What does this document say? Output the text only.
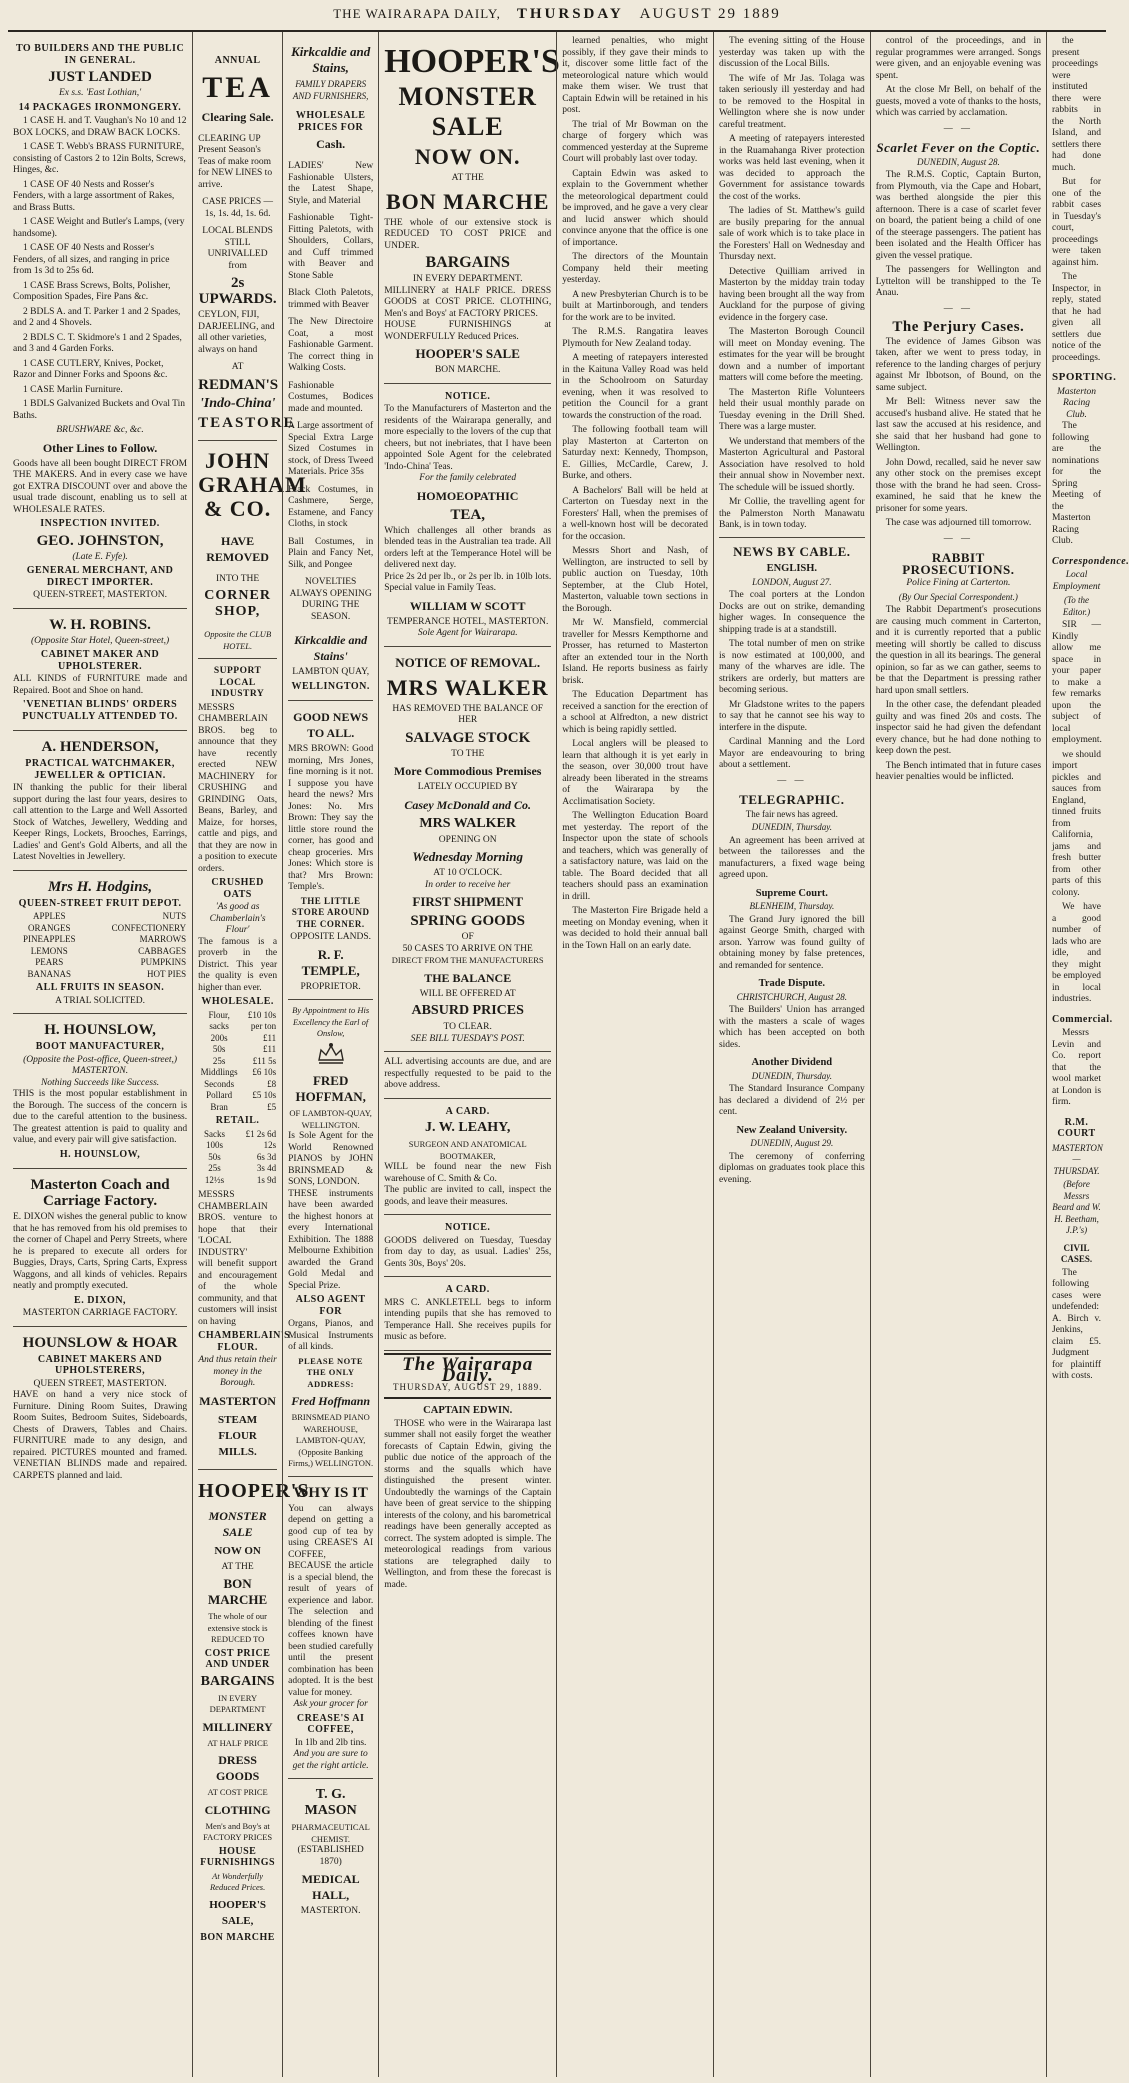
THE WAIRARAPA DAILY, THURSDAY AUGUST 29 1889
TO BUILDERS AND THE PUBLIC IN GENERAL.
JUST LANDED
Ex s.s. 'East Lothian,'
14 PACKAGES IRONMONGERY.
1 CASE H. and T. Vaughan's No 10 and 12 BOX LOCKS, and DRAW BACK LOCKS.
1 CASE T. Webb's BRASS FURNITURE, consisting of Castors 2 to 12in Bolts, Screws, Hinges, &c.
1 CASE OF 40 Nests and Rosser's Fenders, with a large assortment of Rakes, and Brass Butts.
1 CASE Weight and Butler's Lamps, (very handsome).
1 CASE OF 40 Nests and Rosser's Fenders, of all sizes, and ranging in price from 1s 3d to 25s 6d.
1 CASE Brass Screws, Bolts, Polisher, Composition Spades, Fire Pans &c.
2 BDLS A. and T. Parker 1 and 2 Spades, and 2 and 4 Shovels.
2 BDLS C. T. Skidmore's 1 and 2 Spades, and 3 and 4 Garden Forks.
1 CASE CUTLERY, Knives, Pocket, Razor and Dinner Forks and Spoons &c.
1 CASE Marlin Furniture.
1 BDLS Galvanized Buckets and Oval Tin Baths.
BRUSHWARE &c, &c.
Other Lines to Follow.
Goods have all been bought DIRECT FROM THE MAKERS. And in every case we have got EXTRA DISCOUNT over and above the usual trade discount, enabling us to sell at WHOLESALE RATES.
INSPECTION INVITED.
GEO. JOHNSTON,
(Late E. Fyfe).
GENERAL MERCHANT, AND DIRECT IMPORTER.
QUEEN-STREET, MASTERTON.
W. H. ROBINS.
(Opposite Star Hotel, Queen-street,)
CABINET MAKER AND UPHOLSTERER.
ALL KINDS of FURNITURE made and Repaired. Boot and Shoe on hand.
'VENETIAN BLINDS' ORDERS PUNCTUALLY ATTENDED TO.
A. HENDERSON,
PRACTICAL WATCHMAKER, JEWELLER & OPTICIAN.
IN thanking the public for their liberal support during the last four years, desires to call attention to the Large and Well Assorted Stock of Watches, Jewellery, Wedding and Keeper Rings, Lockets, Brooches, Earrings, Ladies' and Gent's Gold Alberts, and all the Latest Novelties in Jewellery.
Mrs H. Hodgins,
QUEEN-STREET FRUIT DEPOT.
APPLES	NUTS
ORANGES	CONFECTIONERY
PINEAPPLES	MARROWS
LEMONS	CABBAGES
PEARS	PUMPKINS
BANANAS	HOT PIES
ALL FRUITS IN SEASON.
A TRIAL SOLICITED.
H. HOUNSLOW,
BOOT MANUFACTURER,
(Opposite the Post-office, Queen-street,) MASTERTON.
Nothing Succeeds like Success.
THIS is the most popular establishment in the Borough. The success of the concern is due to the careful attention to the business. The greatest attention is paid to quality and value, and every pair will give satisfaction.
H. HOUNSLOW,
Masterton Coach and Carriage Factory.
E. DIXON wishes the general public to know that he has removed from his old premises to the corner of Chapel and Perry Streets, where he is prepared to execute all orders for Buggies, Drays, Carts, Spring Carts, Express Waggons, and all kinds of vehicles. Repairs neatly and promptly executed.
E. DIXON,
MASTERTON CARRIAGE FACTORY.
HOUNSLOW & HOAR
CABINET MAKERS AND UPHOLSTERERS,
QUEEN STREET, MASTERTON.
HAVE on hand a very nice stock of Furniture. Dining Room Suites, Drawing Room Suites, Bedroom Suites, Sideboards, Chests of Drawers, Tables and Chairs. FURNITURE made to any design, and repaired. PICTURES mounted and framed. VENETIAN BLINDS made and repaired. CARPETS planned and laid.
ANNUAL
TEA
Clearing Sale.
CLEARING UP Present Season's Teas of make room for NEW LINES to arrive.
CASE PRICES — 1s, 1s. 4d, 1s. 6d.
LOCAL BLENDS STILL UNRIVALLED from
2s UPWARDS.
CEYLON, FIJI, DARJEELING, and all other varieties, always on hand
AT
REDMAN'S
'Indo-China'
TEASTORE
JOHN GRAHAM & CO.
HAVE REMOVED
INTO THE
CORNER SHOP,
Opposite the CLUB HOTEL.
SUPPORT LOCAL INDUSTRY
MESSRS CHAMBERLAIN BROS. beg to announce that they have recently erected NEW MACHINERY for CRUSHING and GRINDING Oats, Beans, Barley, and Maize, for horses, cattle and pigs, and that they are now in a position to execute orders.
CRUSHED OATS
'As good as Chamberlain's Flour'
The famous is a proverb in the District. This year the quality is even higher than ever.
WHOLESALE.
Flour, sacks	£10 10s per ton
200s	£11
50s	£11
25s	£11 5s
Middlings	£6 10s
Seconds	£8
Pollard	£5 10s
Bran	£5
RETAIL.
Sacks	£1 2s 6d
100s	12s
50s	6s 3d
25s	3s 4d
12½s	1s 9d
MESSRS CHAMBERLAIN BROS. venture to hope that their 'LOCAL INDUSTRY'
will benefit support and encouragement of the whole community, and that customers will insist on having
CHAMBERLAIN'S FLOUR.
And thus retain their money in the Borough.
MASTERTON
STEAM FLOUR MILLS.
HOOPER'S
MONSTER SALE
NOW ON
AT THE
BON MARCHE
The whole of our extensive stock is REDUCED TO
COST PRICE AND UNDER
BARGAINS
IN EVERY DEPARTMENT
MILLINERY
AT HALF PRICE
DRESS GOODS
AT COST PRICE
CLOTHING
Men's and Boy's at FACTORY PRICES
HOUSE FURNISHINGS
At Wonderfully Reduced Prices.
HOOPER'S SALE,
BON MARCHE
Kirkcaldie and Stains,
FAMILY DRAPERS AND FURNISHERS,
WHOLESALE PRICES FOR
Cash.
LADIES' New Fashionable Ulsters, the Latest Shape, Style, and Material
Fashionable Tight-Fitting Paletots, with Shoulders, Collars, and Cuff trimmed with Beaver and Stone Sable
Black Cloth Paletots, trimmed with Beaver
The New Directoire Coat, a most Fashionable Garment. The correct thing in Walking Costs.
Fashionable Costumes, Bodices made and mounted.
A Large assortment of Special Extra Large Sized Costumes in stock, of Dress Tweed Materials. Price 35s
Black Costumes, in Cashmere, Serge, Estamene, and Fancy Cloths, in stock
Ball Costumes, in Plain and Fancy Net, Silk, and Pongee
NOVELTIES ALWAYS OPENING DURING THE SEASON.
Kirkcaldie and Stains'
LAMBTON QUAY,
WELLINGTON.
GOOD NEWS TO ALL.
MRS BROWN: Good morning, Mrs Jones, fine morning is it not. I suppose you have heard the news? Mrs Jones: No. Mrs Brown: They say the little store round the corner, has good and cheap groceries. Mrs Jones: Which store is that? Mrs Brown: Temple's.
THE LITTLE STORE AROUND THE CORNER.
OPPOSITE LANDS.
R. F. TEMPLE,
PROPRIETOR.
By Appointment to His Excellency the Earl of Onslow,
FRED HOFFMAN,
OF LAMBTON-QUAY, WELLINGTON.
Is Sole Agent for the World Renowned PIANOS by JOHN BRINSMEAD & SONS, LONDON.
THESE instruments have been awarded the highest honors at every International Exhibition. The 1888 Melbourne Exhibition awarded the Grand Gold Medal and Special Prize.
ALSO AGENT FOR
Organs, Pianos, and Musical Instruments of all kinds.
PLEASE NOTE THE ONLY ADDRESS:
Fred Hoffmann
BRINSMEAD PIANO WAREHOUSE, LAMBTON-QUAY, (Opposite Banking Firms,) WELLINGTON.
WHY IS IT
You can always depend on getting a good cup of tea by using CREASE'S AI COFFEE,
BECAUSE the article is a special blend, the result of years of experience and labor. The selection and blending of the finest coffees known have been studied carefully until the present combination has been adopted. It is the best value for money.
Ask your grocer for
CREASE'S AI COFFEE,
In 1lb and 2lb tins.
And you are sure to get the right article.
T. G. MASON
PHARMACEUTICAL CHEMIST.
(ESTABLISHED 1870)
MEDICAL HALL,
MASTERTON.
HOOPER'S
MONSTER
SALE
NOW ON.
AT THE
BON MARCHE
THE whole of our extensive stock is REDUCED TO COST PRICE and UNDER.
BARGAINS
IN EVERY DEPARTMENT.
MILLINERY at HALF PRICE. DRESS GOODS at COST PRICE. CLOTHING, Men's and Boys' at FACTORY PRICES.
HOUSE FURNISHINGS at WONDERFULLY Reduced Prices.
HOOPER'S SALE
BON MARCHE.
NOTICE.
To the Manufacturers of Masterton and the residents of the Wairarapa generally, and more especially to the lovers of the cup that cheers, but not inebriates, that I have been appointed Sole Agent for the celebrated 'Indo-China' Teas.
For the family celebrated
HOMOEOPATHIC
TEA,
Which challenges all other brands as blended teas in the Australian tea trade. All orders left at the Temperance Hotel will be delivered next day.
Price 2s 2d per lb., or 2s per lb. in 10lb lots. Special value in Family Teas.
WILLIAM W SCOTT
TEMPERANCE HOTEL, MASTERTON.
Sole Agent for Wairarapa.
NOTICE OF REMOVAL.
MRS WALKER
HAS REMOVED THE BALANCE OF HER
SALVAGE STOCK
TO THE
More Commodious Premises
LATELY OCCUPIED BY
Casey McDonald and Co.
MRS WALKER
OPENING ON
Wednesday Morning
AT 10 O'CLOCK.
In order to receive her
FIRST SHIPMENT
SPRING GOODS
OF
50 CASES TO ARRIVE ON THE
DIRECT FROM THE MANUFACTURERS
THE BALANCE
WILL BE OFFERED AT
ABSURD PRICES
TO CLEAR.
SEE BILL TUESDAY'S POST.
ALL advertising accounts are due, and are respectfully requested to be paid to the above address.
A CARD.
J. W. LEAHY,
SURGEON AND ANATOMICAL BOOTMAKER,
WILL be found near the new Fish warehouse of C. Smith & Co.
The public are invited to call, inspect the goods, and leave their measures.
NOTICE.
GOODS delivered on Tuesday, Tuesday from day to day, as usual. Ladies' 25s, Gents 30s, Boys' 20s.
A CARD.
MRS C. ANKLETELL begs to inform intending pupils that she has removed to Temperance Hall. She receives pupils for music as before.
The Wairarapa Daily.
THURSDAY, AUGUST 29, 1889.
CAPTAIN EDWIN.
THOSE who were in the Wairarapa last summer shall not easily forget the weather forecasts of Captain Edwin, giving the public due notice of the approach of the storms and the squalls which have distinguished the present winter. Undoubtedly the warnings of the Captain have been of great service to the shipping interests of the colony, and his barometrical readings have been generally accepted as correct. The system adopted is simple. The meteorological readings from various stations are telegraphed daily to Wellington, and from these the forecast is made.
learned penalties, who might possibly, if they gave their minds to it, discover some little fact of the meteorological nature which would make them wiser. We trust that Captain Edwin will be retained in his post.
The trial of Mr Bowman on the charge of forgery which was commenced yesterday at the Supreme Court will probably last over today.
Captain Edwin was asked to explain to the Government whether the meteorological department could be improved, and he gave a very clear and lucid answer which should convince anyone that the office is one of importance.
The directors of the Mountain Company held their meeting yesterday.
A new Presbyterian Church is to be built at Martinborough, and tenders for the work are to be invited.
The R.M.S. Rangatira leaves Plymouth for New Zealand today.
A meeting of ratepayers interested in the Kaituna Valley Road was held in the Schoolroom on Saturday evening, when it was resolved to petition the Council for a grant towards the construction of the road.
The following football team will play Masterton at Carterton on Saturday next: Kennedy, Thompson, E. Gillies, McCardle, Carew, J. Burke, and others.
A Bachelors' Ball will be held at Carterton on Tuesday next in the Foresters' Hall, when the premises of a well-known host will be decorated for the occasion.
Messrs Short and Nash, of Wellington, are instructed to sell by public auction on Tuesday, 10th September, at the Club Hotel, Masterton, valuable town sections in the Borough.
Mr W. Mansfield, commercial traveller for Messrs Kempthorne and Prosser, has returned to Masterton after an extended tour in the North Island. He reports business as fairly brisk.
The Education Department has received a sanction for the erection of a school at Alfredton, a new district which is being rapidly settled.
Local anglers will be pleased to learn that although it is yet early in the season, over 30,000 trout have already been liberated in the streams of the Wairarapa by the Acclimatisation Society.
The Wellington Education Board met yesterday. The report of the Inspector upon the state of schools and teachers, which was generally of a satisfactory nature, was laid on the table. The Board decided that all teachers should pass an examination in drill.
The Masterton Fire Brigade held a meeting on Monday evening, when it was decided to hold their annual ball in the Town Hall on an early date.
The evening sitting of the House yesterday was taken up with the discussion of the Local Bills.
The wife of Mr Jas. Tolaga was taken seriously ill yesterday and had to be removed to the Hospital in Wellington where she is now under careful treatment.
A meeting of ratepayers interested in the Ruamahanga River protection works was held last evening, when it was decided to approach the Government for assistance towards the cost of the works.
The ladies of St. Matthew's guild are busily preparing for the annual sale of work which is to take place in the Foresters' Hall on Wednesday and Thursday next.
Detective Quilliam arrived in Masterton by the midday train today having been brought all the way from Auckland for the purpose of giving evidence in the forgery case.
The Masterton Borough Council will meet on Monday evening. The estimates for the year will be brought down and a number of important matters will come before the meeting.
The Masterton Rifle Volunteers held their usual monthly parade on Tuesday evening in the Drill Shed. There was a large muster.
We understand that members of the Masterton Agricultural and Pastoral Association have resolved to hold their annual show in November next. The schedule will be issued shortly.
Mr Collie, the travelling agent for the Palmerston North Manawatu Bank, is in town today.
NEWS BY CABLE.
ENGLISH.
LONDON, August 27.
The coal porters at the London Docks are out on strike, demanding higher wages. In consequence the shipping trade is at a standstill.
The total number of men on strike is now estimated at 100,000, and many of the wharves are idle. The strikers are orderly, but matters are becoming serious.
Mr Gladstone writes to the papers to say that he cannot see his way to interfere in the dispute.
Cardinal Manning and the Lord Mayor are endeavouring to bring about a settlement.
— —
TELEGRAPHIC.
The fair news has agreed.
DUNEDIN, Thursday.
An agreement has been arrived at between the tailoresses and the manufacturers, a fixed wage being agreed upon.
Supreme Court.
BLENHEIM, Thursday.
The Grand Jury ignored the bill against George Smith, charged with arson. Yarrow was found guilty of obtaining money by false pretences, and remanded for sentence.
Trade Dispute.
CHRISTCHURCH, August 28.
The Builders' Union has arranged with the masters a scale of wages which has been accepted on both sides.
Another Dividend
DUNEDIN, Thursday.
The Standard Insurance Company has declared a dividend of 2½ per cent.
New Zealand University.
DUNEDIN, August 29.
The ceremony of conferring diplomas on graduates took place this evening.
control of the proceedings, and in regular programmes were arranged. Songs were given, and an enjoyable evening was spent.
At the close Mr Bell, on behalf of the guests, moved a vote of thanks to the hosts, which was carried by acclamation.
— —
Scarlet Fever on the Coptic.
DUNEDIN, August 28.
The R.M.S. Coptic, Captain Burton, from Plymouth, via the Cape and Hobart, was berthed alongside the pier this afternoon. There is a case of scarlet fever on board, the patient being a child of one of the steerage passengers. The patient has been isolated and the Health Officer has given the vessel pratique.
The passengers for Wellington and Lyttelton will be transhipped to the Te Anau.
— —
The Perjury Cases.
The evidence of James Gibson was taken, after we went to press today, in reference to the landing charges of perjury against Mr Ibbotson, of Bound, on the same subject.
Mr Bell: Witness never saw the accused's husband alive. He stated that he last saw the accused at his residence, and she said that her husband had gone to Wellington.
John Dowd, recalled, said he never saw any other stock on the premises except those with the brand he had seen. Cross-examined, he said that he knew the prisoner for some years.
The case was adjourned till tomorrow.
— —
RABBIT PROSECUTIONS.
Police Fining at Carterton.
(By Our Special Correspondent.)
The Rabbit Department's prosecutions are causing much comment in Carterton, and it is currently reported that a public meeting will shortly be called to discuss the question in all its bearings. The general opinion, so far as we can gather, seems to be that the Department is pressing rather hard upon small settlers.
In the other case, the defendant pleaded guilty and was fined 20s and costs. The inspector said he had given the defendant every chance, but he had done nothing to keep down the pest.
The Bench intimated that in future cases heavier penalties would be inflicted.
the present proceedings were instituted there were rabbits in the North Island, and settlers there had done much.
But for one of the rabbit cases in Tuesday's court, proceedings were taken against him.
The Inspector, in reply, stated that he had given all settlers due notice of the proceedings.
SPORTING.
Masterton Racing Club.
The following are the nominations for the Spring Meeting of the Masterton Racing Club.
Correspondence.
Local Employment
(To the Editor.)
SIR — Kindly allow me space in your paper to make a few remarks upon the subject of local employment.
we should import pickles and sauces from England, tinned fruits from California, jams and fresh butter from other parts of this colony.
We have a good number of lads who are idle, and they might be employed in local industries.
Commercial.
Messrs Levin and Co. report that the wool market at London is firm.
R.M. COURT
MASTERTON—THURSDAY.
(Before Messrs Beard and W. H. Beetham, J.P.'s)
CIVIL CASES.
The following cases were undefended: A. Birch v. Jenkins, claim £5. Judgment for plaintiff with costs.
